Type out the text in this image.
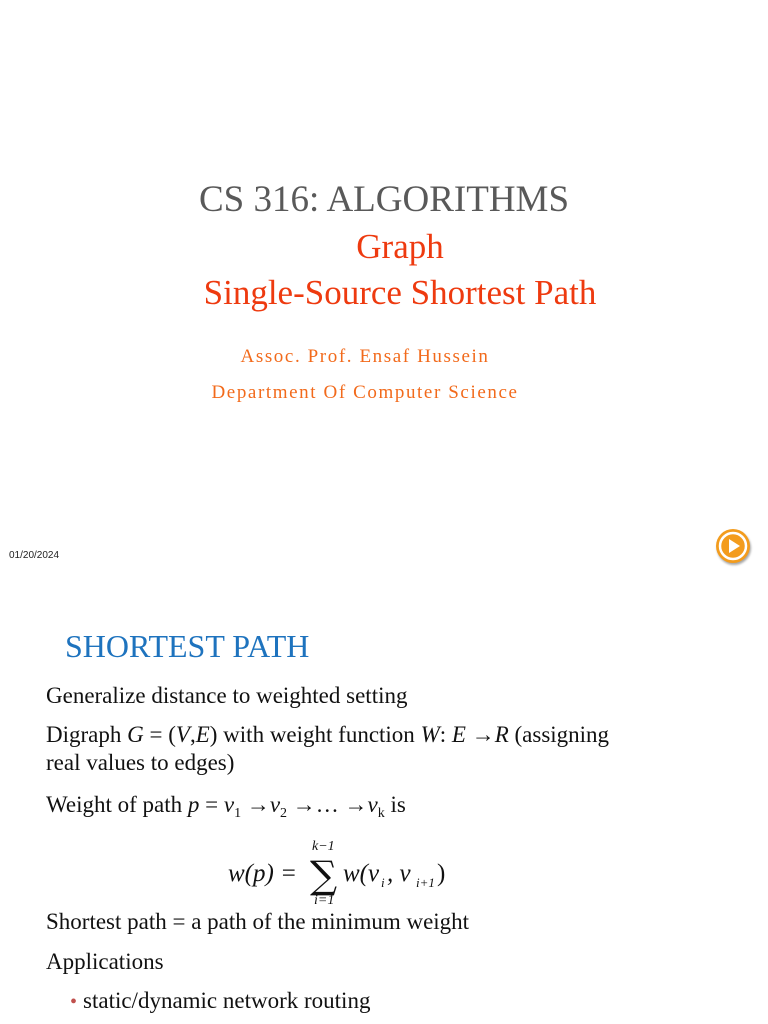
CS 316: ALGORITHMS
Graph
Single-Source Shortest Path
Assoc. Prof. Ensaf Hussein
Department Of Computer Science
01/20/2024
SHORTEST PATH
Generalize distance to weighted setting
Digraph G = (V,E) with weight function W: E →R (assigning
real values to edges)
Weight of path $p = v_1 \to v_2$ →… $\to v_k$ is
w(p) = ∑
k−1
i=1
w(v i , v i+1 )
Shortest path = a path of the minimum weight
Applications
• static/dynamic network routing
